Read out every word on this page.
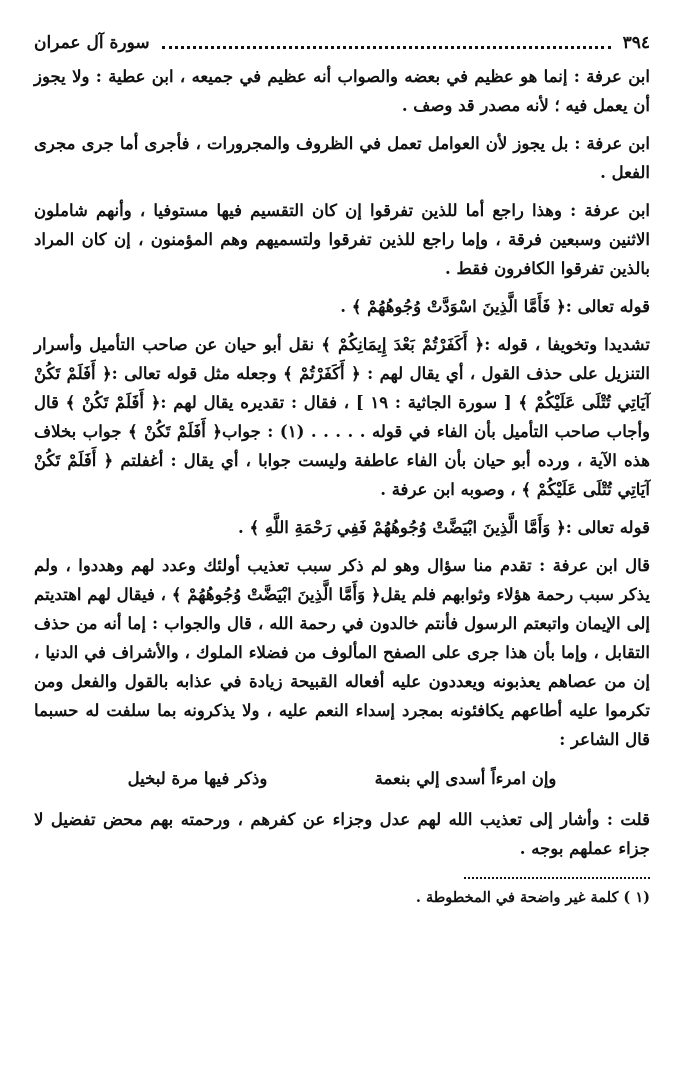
٣٩٤
سورة آل عمران

ابن عرفة : إنما هو عظيم في بعضه والصواب أنه عظيم في جميعه ، ابن عطية : ولا يجوز أن يعمل فيه ؛ لأنه مصدر قد وصف .

ابن عرفة : بل يجوز لأن العوامل تعمل في الظروف والمجرورات ، فأجرى أما جرى مجرى الفعل .

ابن عرفة : وهذا راجع أما للذين تفرقوا إن كان التقسيم فيها مستوفيا ، وأنهم شاملون الاثنين وسبعين فرقة ، وإما راجع للذين تفرقوا ولتسميهم وهم المؤمنون ، إن كان المراد بالذين تفرقوا الكافرون فقط .

قوله تعالى :﴿ فَأَمَّا الَّذِينَ اسْوَدَّتْ وُجُوهُهُمْ ﴾ .

تشديدا وتخويفا ، قوله :﴿ أَكَفَرْتُمْ بَعْدَ إِيمَانِكُمْ ﴾ نقل أبو حيان عن صاحب التأميل وأسرار التنزيل على حذف القول ، أي يقال لهم : ﴿ أَكَفَرْتُمْ ﴾ وجعله مثل قوله تعالى :﴿ أَفَلَمْ تَكُنْ آيَاتِي تُتْلَى عَلَيْكُمْ ﴾ [ سورة الجاثية : ١٩ ] ، فقال : تقديره يقال لهم :﴿ أَفَلَمْ تَكُنْ ﴾ قال وأجاب صاحب التأميل بأن الفاء في قوله . . . . . (١) : جواب﴿ أَفَلَمْ تَكُنْ ﴾ جواب بخلاف هذه الآية ، ورده أبو حيان بأن الفاء عاطفة وليست جوابا ، أي يقال : أغفلتم ﴿ أَفَلَمْ تَكُنْ آيَاتِي تُتْلَى عَلَيْكُمْ ﴾ ، وصوبه ابن عرفة .

قوله تعالى :﴿ وَأَمَّا الَّذِينَ ابْيَضَّتْ وُجُوهُهُمْ فَفِي رَحْمَةِ اللَّهِ ﴾ .

قال ابن عرفة : تقدم منا سؤال وهو لم ذكر سبب تعذيب أولئك وعدد لهم وهددوا ، ولم يذكر سبب رحمة هؤلاء وثوابهم فلم يقل﴿ وَأَمَّا الَّذِينَ ابْيَضَّتْ وُجُوهُهُمْ ﴾ ، فيقال لهم اهتديتم إلى الإيمان واتبعتم الرسول فأنتم خالدون في رحمة الله ، قال والجواب : إما أنه من حذف التقابل ، وإما بأن هذا جرى على الصفح المألوف من فضلاء الملوك ، والأشراف في الدنيا ، إن من عصاهم يعذبونه ويعددون عليه أفعاله القبيحة زيادة في عذابه بالقول والفعل ومن تكرموا عليه أطاعهم يكافئونه بمجرد إسداء النعم عليه ، ولا يذكرونه بما سلفت له حسبما قال الشاعر :

وإن امرءاً أسدى إلي بنعمة
وذكر فيها مرة لبخيل

قلت : وأشار إلى تعذيب الله لهم عدل وجزاء عن كفرهم ، ورحمته بهم محض تفضيل لا جزاء عملهم بوجه .

(١ ) كلمة غير واضحة في المخطوطة .
